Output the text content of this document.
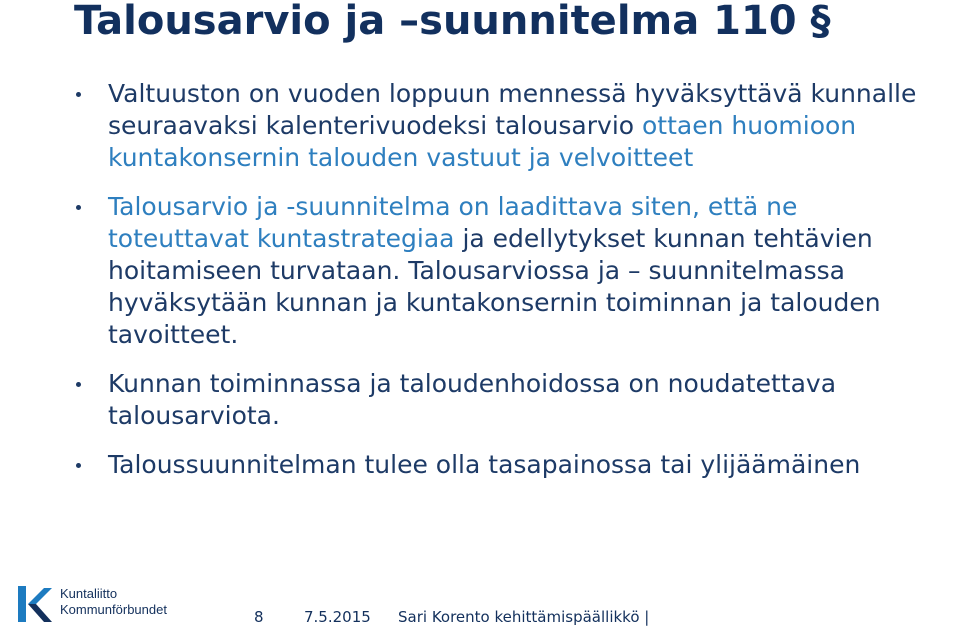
Talousarvio ja –suunnitelma 110 §
Valtuuston on vuoden loppuun mennessä hyväksyttävä kunnalle seuraavaksi kalenterivuodeksi talousarvio ottaen huomioon kuntakonsernin talouden vastuut ja velvoitteet
Talousarvio ja -suunnitelma on laadittava siten, että ne toteuttavat kuntastrategiaa ja edellytykset kunnan tehtävien hoitamiseen turvataan. Talousarviossa ja – suunnitelmassa hyväksytään kunnan ja kuntakonsernin toiminnan ja talouden tavoitteet.
Kunnan toiminnassa ja taloudenhoidossa on noudatettava talousarviota.
Taloussuunnitelman tulee olla tasapainossa tai ylijäämäinen
Kuntaliitto
Kommunförbundet	8	7.5.2015 Sari Korento kehittämispäällikkö |
